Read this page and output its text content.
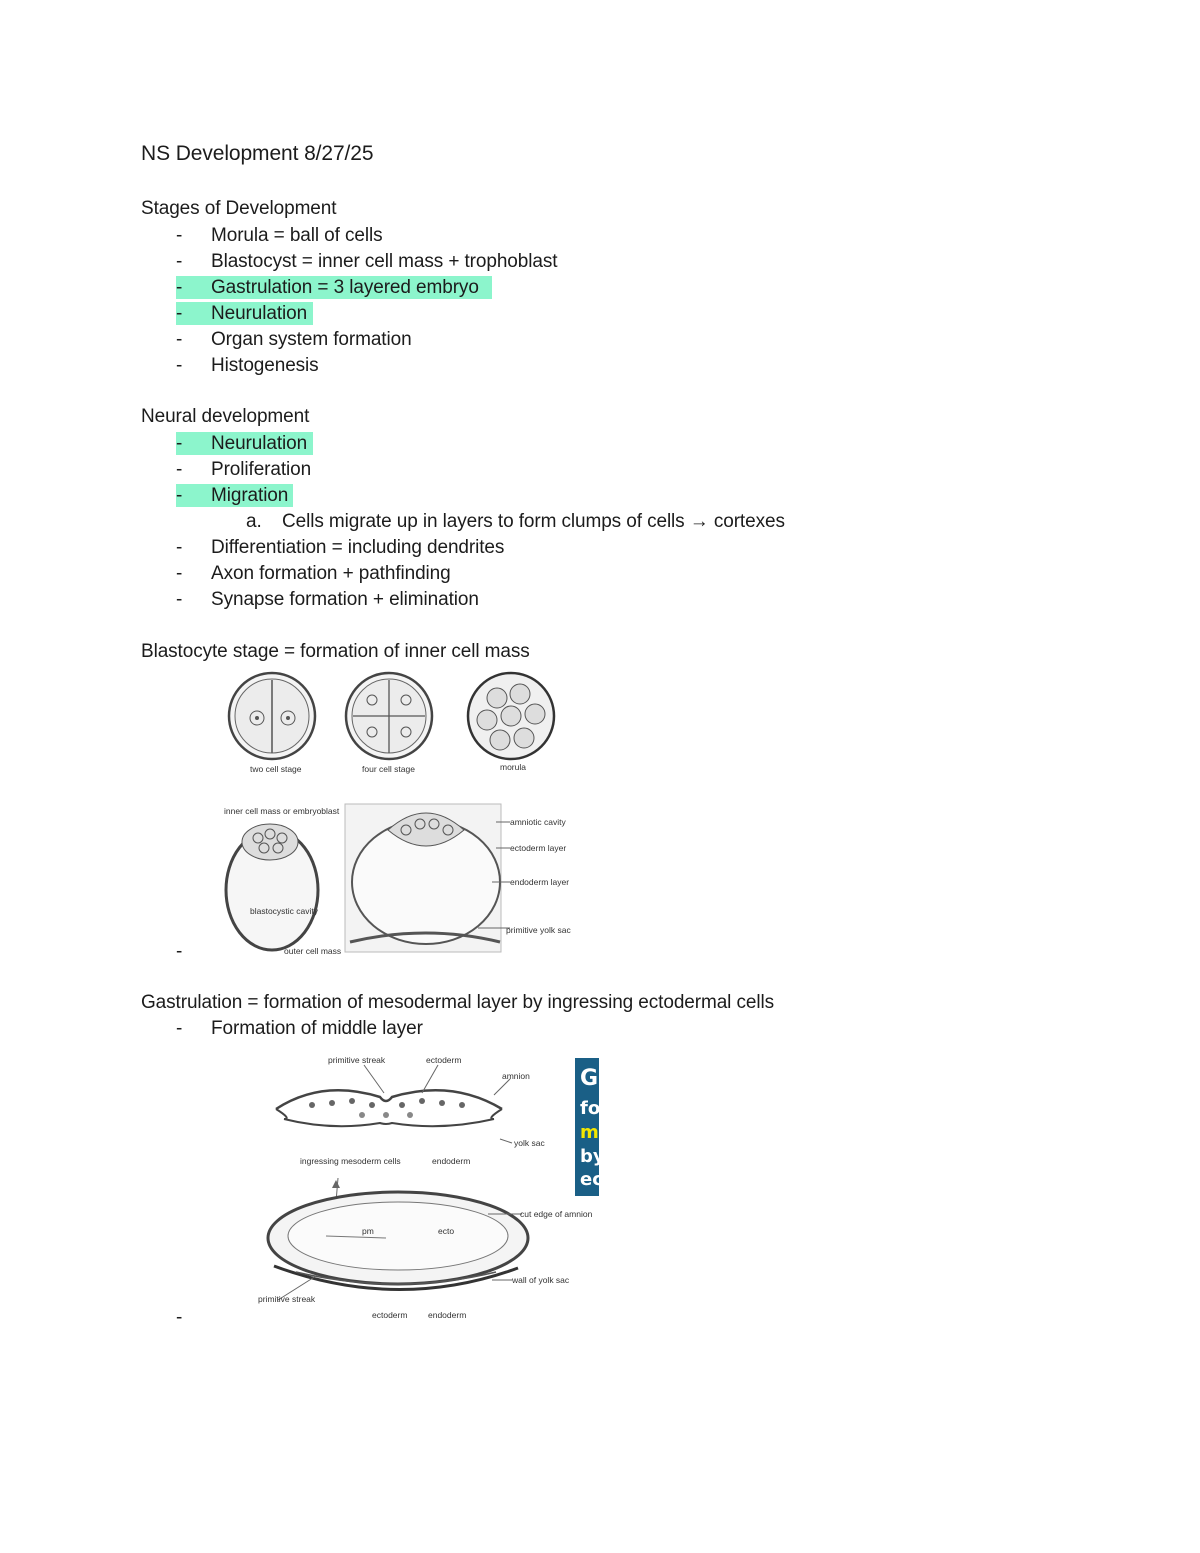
NS Development 8/27/25
Stages of Development
- Morula = ball of cells
- Blastocyst = inner cell mass + trophoblast
- Gastrulation = 3 layered embryo
- Neurulation
- Organ system formation
- Histogenesis
Neural development
- Neurulation
- Proliferation
- Migration
a. Cells migrate up in layers to form clumps of cells → cortexes
- Differentiation = including dendrites
- Axon formation + pathfinding
- Synapse formation + elimination
Blastocyte stage = formation of inner cell mass
two cell stage	four cell stage	morula
inner cell mass or embryoblast
blastocystic cavity
outer cell mass
amniotic cavity
ectoderm layer
endoderm layer
primitive yolk sac
-
Gastrulation = formation of mesodermal layer by ingressing ectodermal cells
- Formation of middle layer
primitive streak	ectoderm
amnion
yolk sac
ingressing mesoderm cells	endoderm
cut edge of amnion
pm	ecto
wall of yolk sac
primitive streak
ectoderm endoderm
G
fo
m
by
ec
-
